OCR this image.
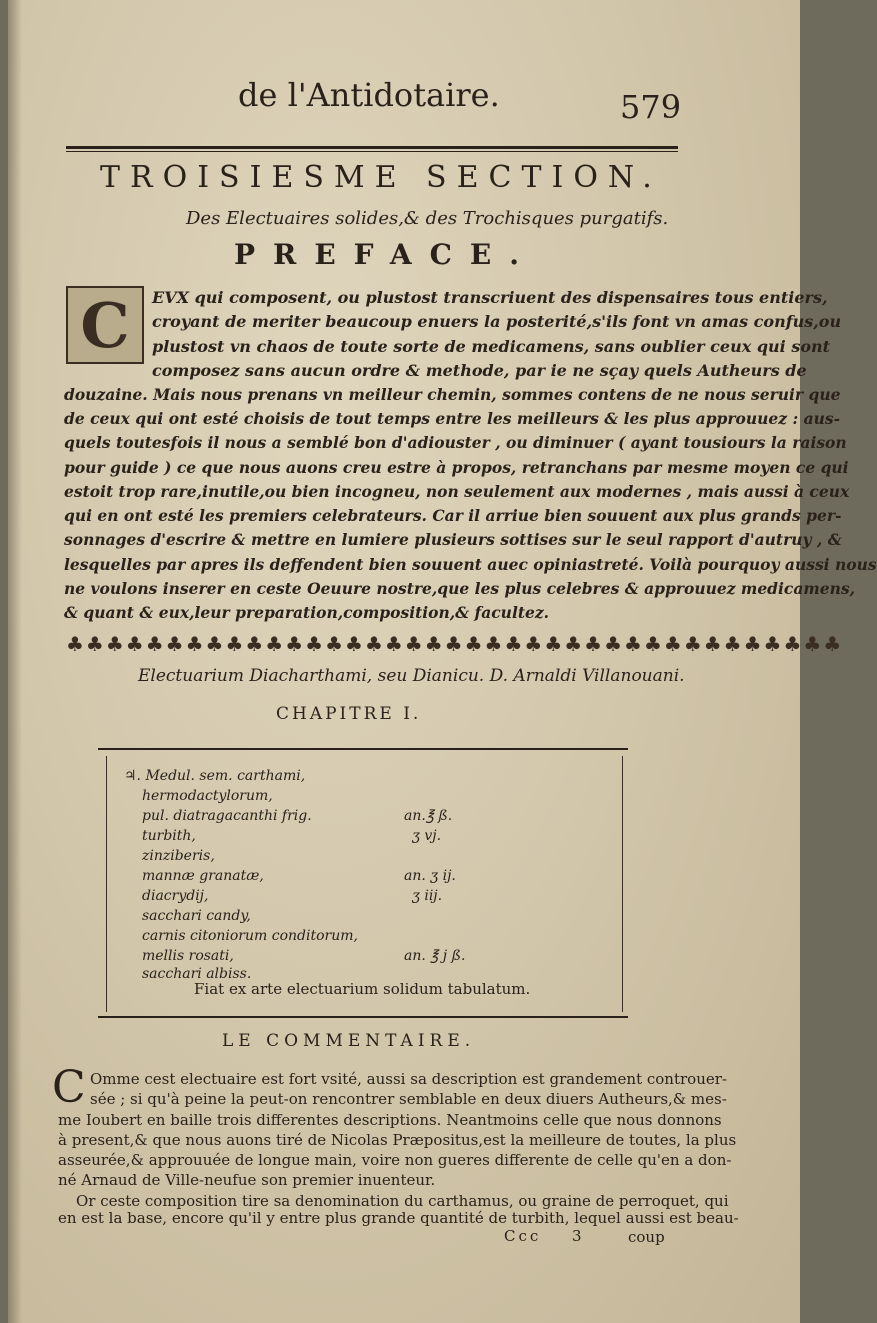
de l'Antidotaire.	579
TROISIESME SECTION.
Des Electuaires solides,& des Trochisques purgatifs.
PREFACE.
C	EVX qui composent, ou plustost transcriuent des dispensaires tous entiers,
croyant de meriter beaucoup enuers la posterité,s'ils font vn amas confus,ou
plustost vn chaos de toute sorte de medicamens, sans oublier ceux qui sont
composez sans aucun ordre & methode, par ie ne sçay quels Autheurs de
douzaine. Mais nous prenans vn meilleur chemin, sommes contens de ne nous seruir que
de ceux qui ont esté choisis de tout temps entre les meilleurs & les plus approuuez : aus-
quels toutesfois il nous a semblé bon d'adiouster , ou diminuer ( ayant tousiours la raison
pour guide ) ce que nous auons creu estre à propos, retranchans par mesme moyen ce qui
estoit trop rare,inutile,ou bien incogneu, non seulement aux modernes , mais aussi à ceux
qui en ont esté les premiers celebrateurs. Car il arriue bien souuent aux plus grands per-
sonnages d'escrire & mettre en lumiere plusieurs sottises sur le seul rapport d'autruy , &
lesquelles par apres ils deffendent bien souuent auec opiniastreté. Voilà pourquoy aussi nous
ne voulons inserer en ceste Oeuure nostre,que les plus celebres & approuuez medicamens,
& quant & eux,leur preparation,composition,& facultez.
♣♣♣♣♣♣♣♣♣♣♣♣♣♣♣♣♣♣♣♣♣♣♣♣♣♣♣♣♣♣♣♣♣♣♣♣♣♣♣
Electuarium Diacharthami, seu Dianicu. D. Arnaldi Villanouani.
CHAPITRE I.
♃. Medul. sem. carthami,
hermodactylorum,
pul. diatragacanthi frig.	an.℥ ß.
turbith,	ʒ vj.
zinziberis,
mannæ granatæ,	an. ʒ ij.
diacrydij,	ʒ iij.
sacchari candy,
carnis citoniorum conditorum,
mellis rosati,	an. ℥ j ß.
sacchari albiss.
Fiat ex arte electuarium solidum tabulatum.
LE COMMENTAIRE.
C Omme cest electuaire est fort vsité, aussi sa description est grandement controuer-
sée ; si qu'à peine la peut-on rencontrer semblable en deux diuers Autheurs,& mes-
me Ioubert en baille trois differentes descriptions. Neantmoins celle que nous donnons
à present,& que nous auons tiré de Nicolas Præpositus,est la meilleure de toutes, la plus
asseurée,& approuuée de longue main, voire non gueres differente de celle qu'en a don-
né Arnaud de Ville-neufue son premier inuenteur.
Or ceste composition tire sa denomination du carthamus, ou graine de perroquet, qui
en est la base, encore qu'il y entre plus grande quantité de turbith, lequel aussi est beau-
Ccc 3	coup
